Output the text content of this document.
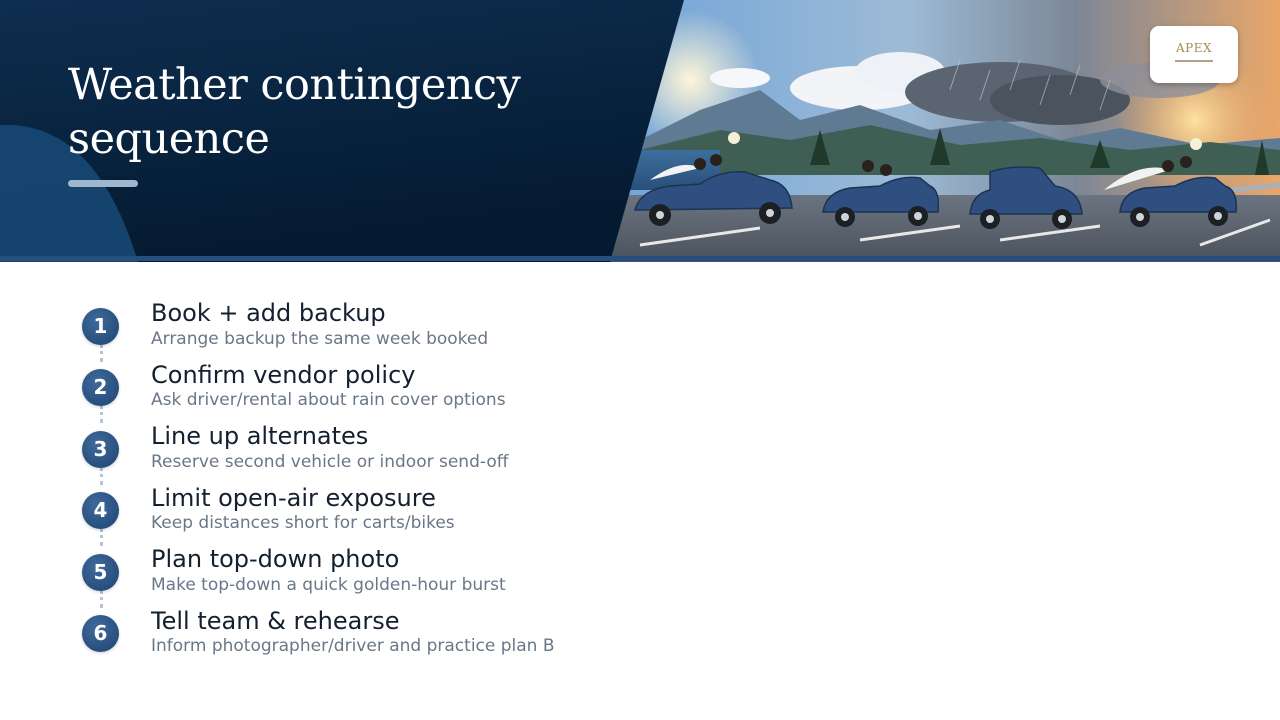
Weather contingency sequence
APEX
1	Book + add backup
Arrange backup the same week booked
2	Confirm vendor policy
Ask driver/rental about rain cover options
3	Line up alternates
Reserve second vehicle or indoor send-off
4	Limit open-air exposure
Keep distances short for carts/bikes
5	Plan top-down photo
Make top-down a quick golden-hour burst
6	Tell team & rehearse
Inform photographer/driver and practice plan B
